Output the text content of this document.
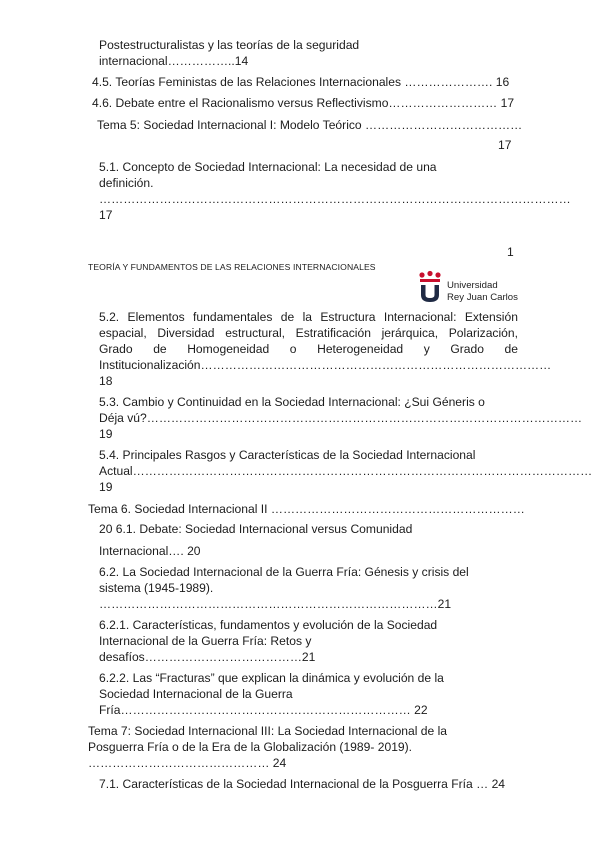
Postestructuralistas y las teorías de la seguridad
internacional……………..14
4.5. Teorías Feministas de las Relaciones Internacionales …………………. 16
4.6. Debate entre el Racionalismo versus Reflectivismo……………………… 17
Tema 5: Sociedad Internacional I: Modelo Teórico …………………………………
17
5.1. Concepto de Sociedad Internacional: La necesidad de una
definición.
………………………………………………………………………………………………………
17
1
TEORÍA Y FUNDAMENTOS DE LAS RELACIONES INTERNACIONALES
Universidad
Rey Juan Carlos
5.2. Elementos fundamentales de la Estructura Internacional: Extensión
espacial, Diversidad estructural, Estratificación jerárquica, Polarización,
Grado de Homogeneidad o Heterogeneidad y Grado de
Institucionalización……………………………………………………………………………
18
5.3. Cambio y Continuidad en la Sociedad Internacional: ¿Sui Géneris o
Déja vú?………………………………………………………………………………………………
19
5.4. Principales Rasgos y Características de la Sociedad Internacional
Actual……………………………………………………………………………………………………
19
Tema 6. Sociedad Internacional II ………………………………………………………
20 6.1. Debate: Sociedad Internacional versus Comunidad
Internacional…. 20
6.2. La Sociedad Internacional de la Guerra Fría: Génesis y crisis del
sistema (1945-1989).
…………………………………………………………………………21
6.2.1. Características, fundamentos y evolución de la Sociedad
Internacional de la Guerra Fría: Retos y
desafíos…………………………………21
6.2.2. Las “Fracturas” que explican la dinámica y evolución de la
Sociedad Internacional de la Guerra
Fría……………………………………………………………… 22
Tema 7: Sociedad Internacional III: La Sociedad Internacional de la
Posguerra Fría o de la Era de la Globalización (1989- 2019).
……………………………………… 24
7.1. Características de la Sociedad Internacional de la Posguerra Fría … 24
